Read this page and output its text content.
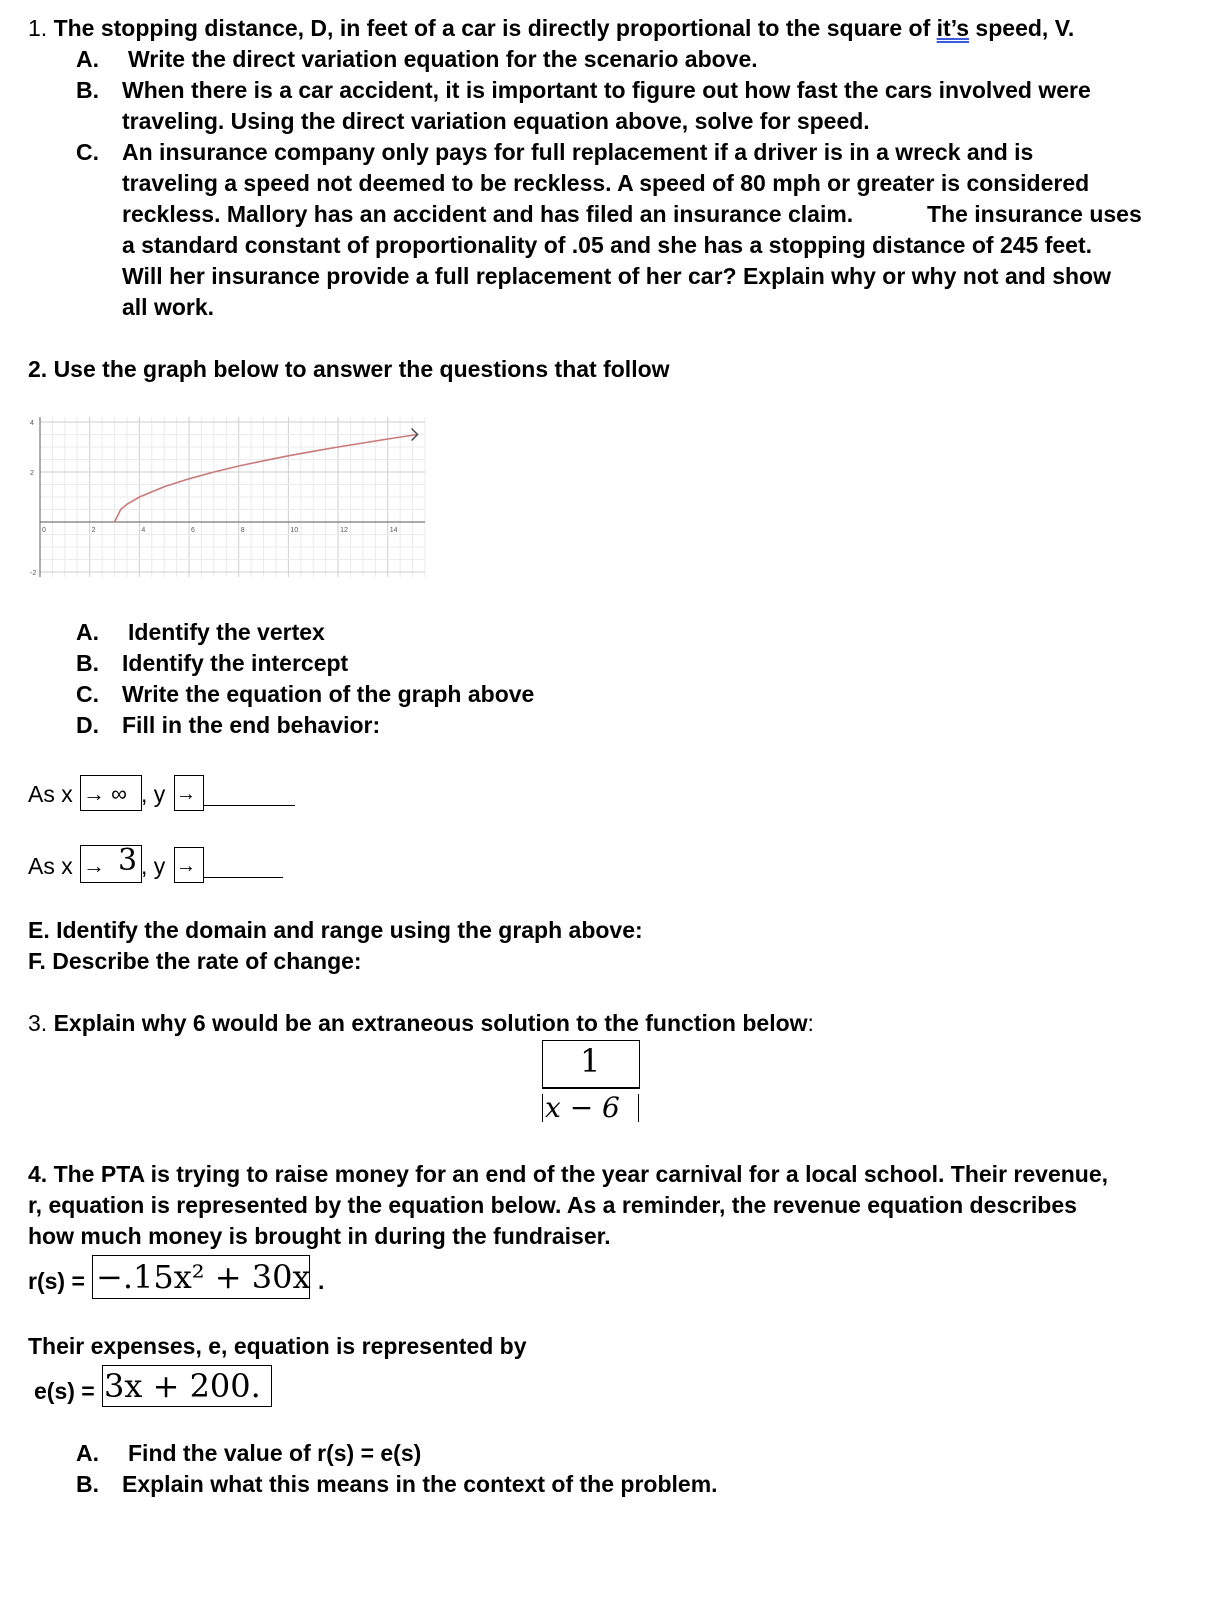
1. The stopping distance, D, in feet of a car is directly proportional to the square of it’s speed, V.
A. Write the direct variation equation for the scenario above.
B. When there is a car accident, it is important to figure out how fast the cars involved were
traveling. Using the direct variation equation above, solve for speed.
C. An insurance company only pays for full replacement if a driver is in a wreck and is
traveling a speed not deemed to be reckless. A speed of 80 mph or greater is considered
reckless. Mallory has an accident and has filed an insurance claim.	The insurance uses
a standard constant of proportionality of .05 and she has a stopping distance of 245 feet.
Will her insurance provide a full replacement of her car? Explain why or why not and show
all work.
2. Use the graph below to answer the questions that follow
0	2	4	6	8	10	12	14
4
2
-2
A. Identify the vertex
B. Identify the intercept
C. Write the equation of the graph above
D. Fill in the end behavior:
As x → ∞ , y →
As x → 3 , y →
E. Identify the domain and range using the graph above:
F. Describe the rate of change:
3. Explain why 6 would be an extraneous solution to the function below:
1
x − 6
4. The PTA is trying to raise money for an end of the year carnival for a local school. Their revenue,
r, equation is represented by the equation below. As a reminder, the revenue equation describes
how much money is brought in during the fundraiser.
r(s) = −.15x² + 30x .
Their expenses, e, equation is represented by
e(s) = 3x + 200.
A. Find the value of r(s) = e(s)
B. Explain what this means in the context of the problem.
